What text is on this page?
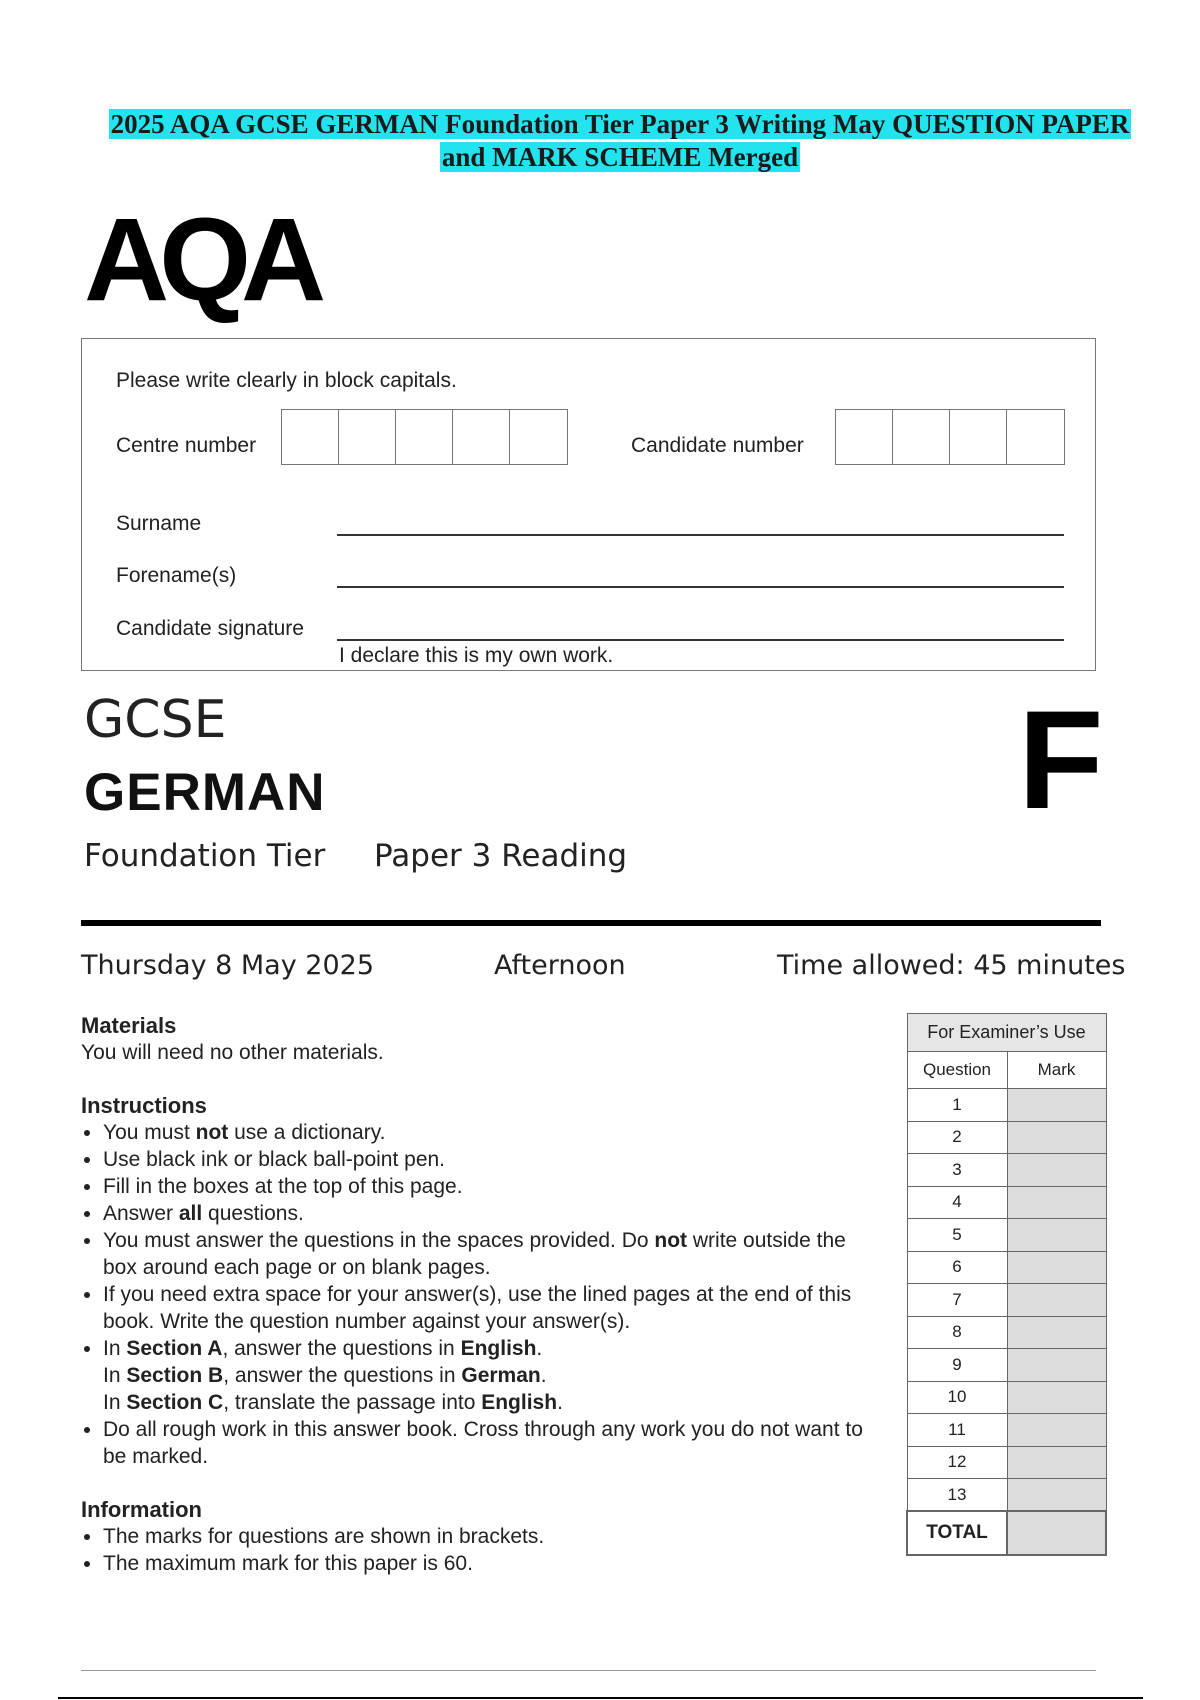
2025 AQA GCSE GERMAN Foundation Tier Paper 3 Writing May QUESTION PAPER
and MARK SCHEME Merged
AQA
Please write clearly in block capitals.
Centre number	Candidate number
Surname
Forename(s)
Candidate signature
I declare this is my own work.
GCSE
GERMAN	F
Foundation Tier Paper 3 Reading
Thursday 8 May 2025	Afternoon	Time allowed: 45 minutes
Materials

You will need no other materials.

Instructions
• You must not use a dictionary.
• Use black ink or black ball-point pen.
• Fill in the boxes at the top of this page.
• Answer all questions.
• You must answer the questions in the spaces provided. Do not write outside the box around each page or on blank pages.
• If you need extra space for your answer(s), use the lined pages at the end of this book. Write the question number against your answer(s).
• In Section A, answer the questions in English.
In Section B, answer the questions in German.
In Section C, translate the passage into English.
• Do all rough work in this answer book. Cross through any work you do not want to be marked.
Information
• The marks for questions are shown in brackets.
• The maximum mark for this paper is 60.
For Examiner’s Use	
Question	Mark
1	
2	
3	
4	
5	
6	
7	
8	
9	
10	
11	
12	
13	
TOTAL	
